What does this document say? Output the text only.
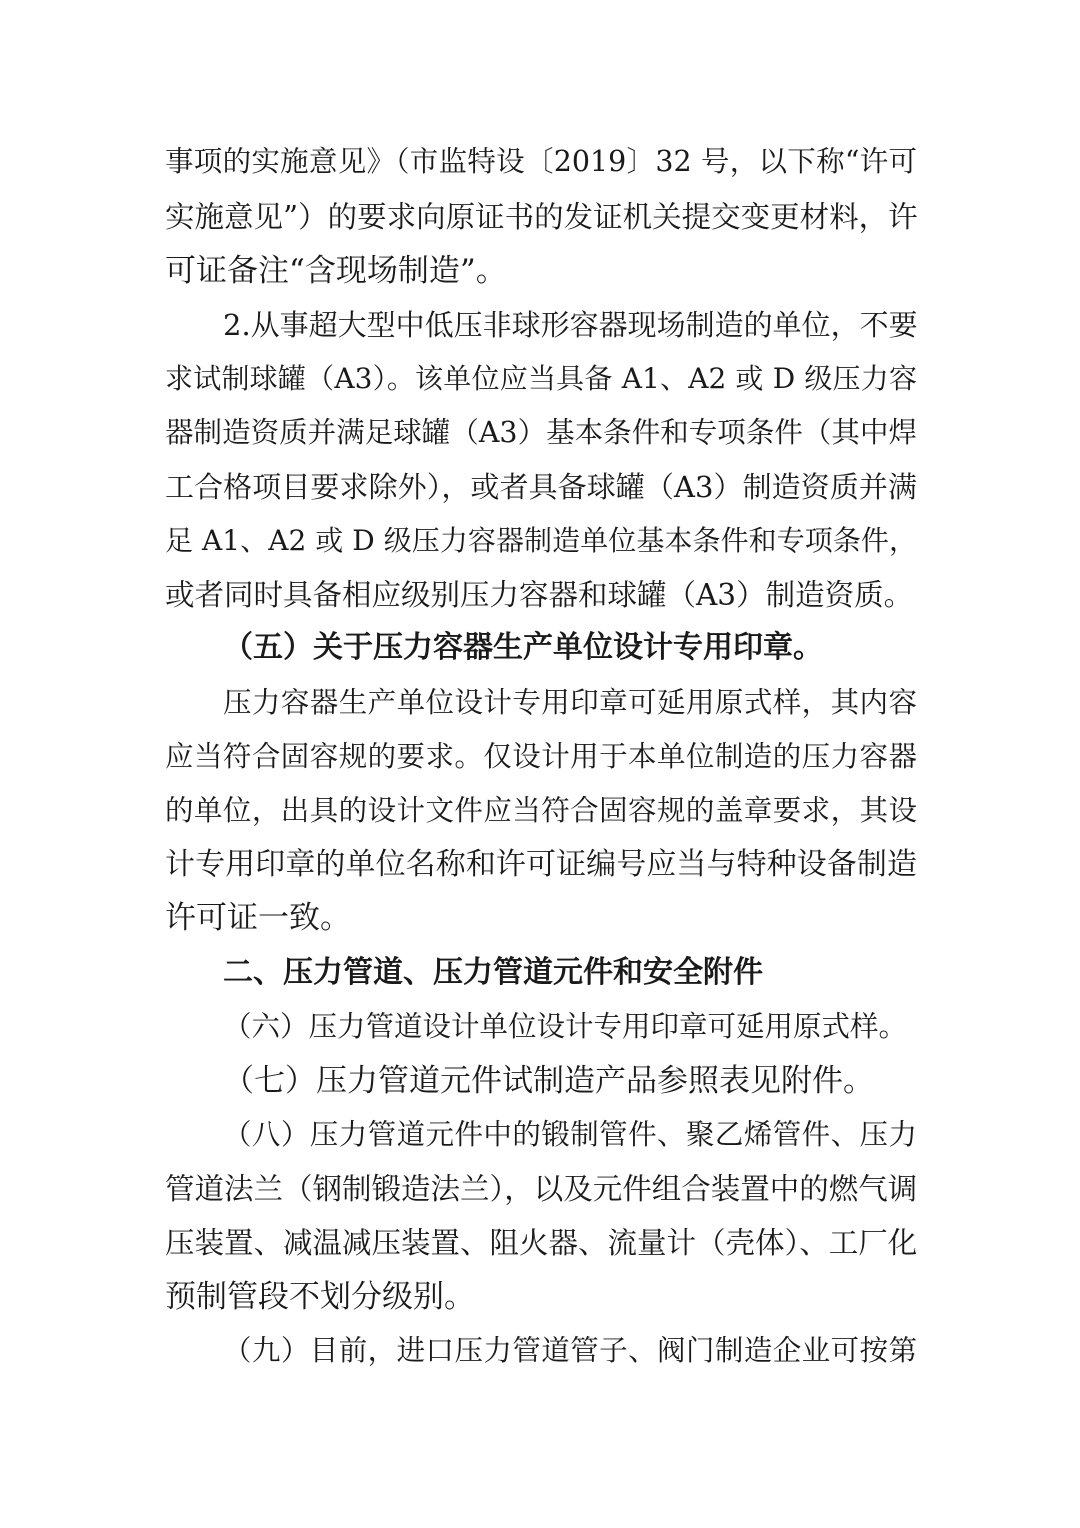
事项的实施意见》（市监特设〔2019〕32 号，以下称“许可
实施意见”）的要求向原证书的发证机关提交变更材料，许
可证备注“含现场制造”。
2.从事超大型中低压非球形容器现场制造的单位，不要
求试制球罐（A3）。该单位应当具备 A1、A2 或 D 级压力容
器制造资质并满足球罐（A3）基本条件和专项条件（其中焊
工合格项目要求除外），或者具备球罐（A3）制造资质并满
足 A1、A2 或 D 级压力容器制造单位基本条件和专项条件，
或者同时具备相应级别压力容器和球罐（A3）制造资质。
（五）关于压力容器生产单位设计专用印章。
压力容器生产单位设计专用印章可延用原式样，其内容
应当符合固容规的要求。仅设计用于本单位制造的压力容器
的单位，出具的设计文件应当符合固容规的盖章要求，其设
计专用印章的单位名称和许可证编号应当与特种设备制造
许可证一致。
二、压力管道、压力管道元件和安全附件
（六）压力管道设计单位设计专用印章可延用原式样。
（七）压力管道元件试制造产品参照表见附件。
（八）压力管道元件中的锻制管件、聚乙烯管件、压力
管道法兰（钢制锻造法兰），以及元件组合装置中的燃气调
压装置、减温减压装置、阻火器、流量计（壳体）、工厂化
预制管段不划分级别。
（九）目前，进口压力管道管子、阀门制造企业可按第
